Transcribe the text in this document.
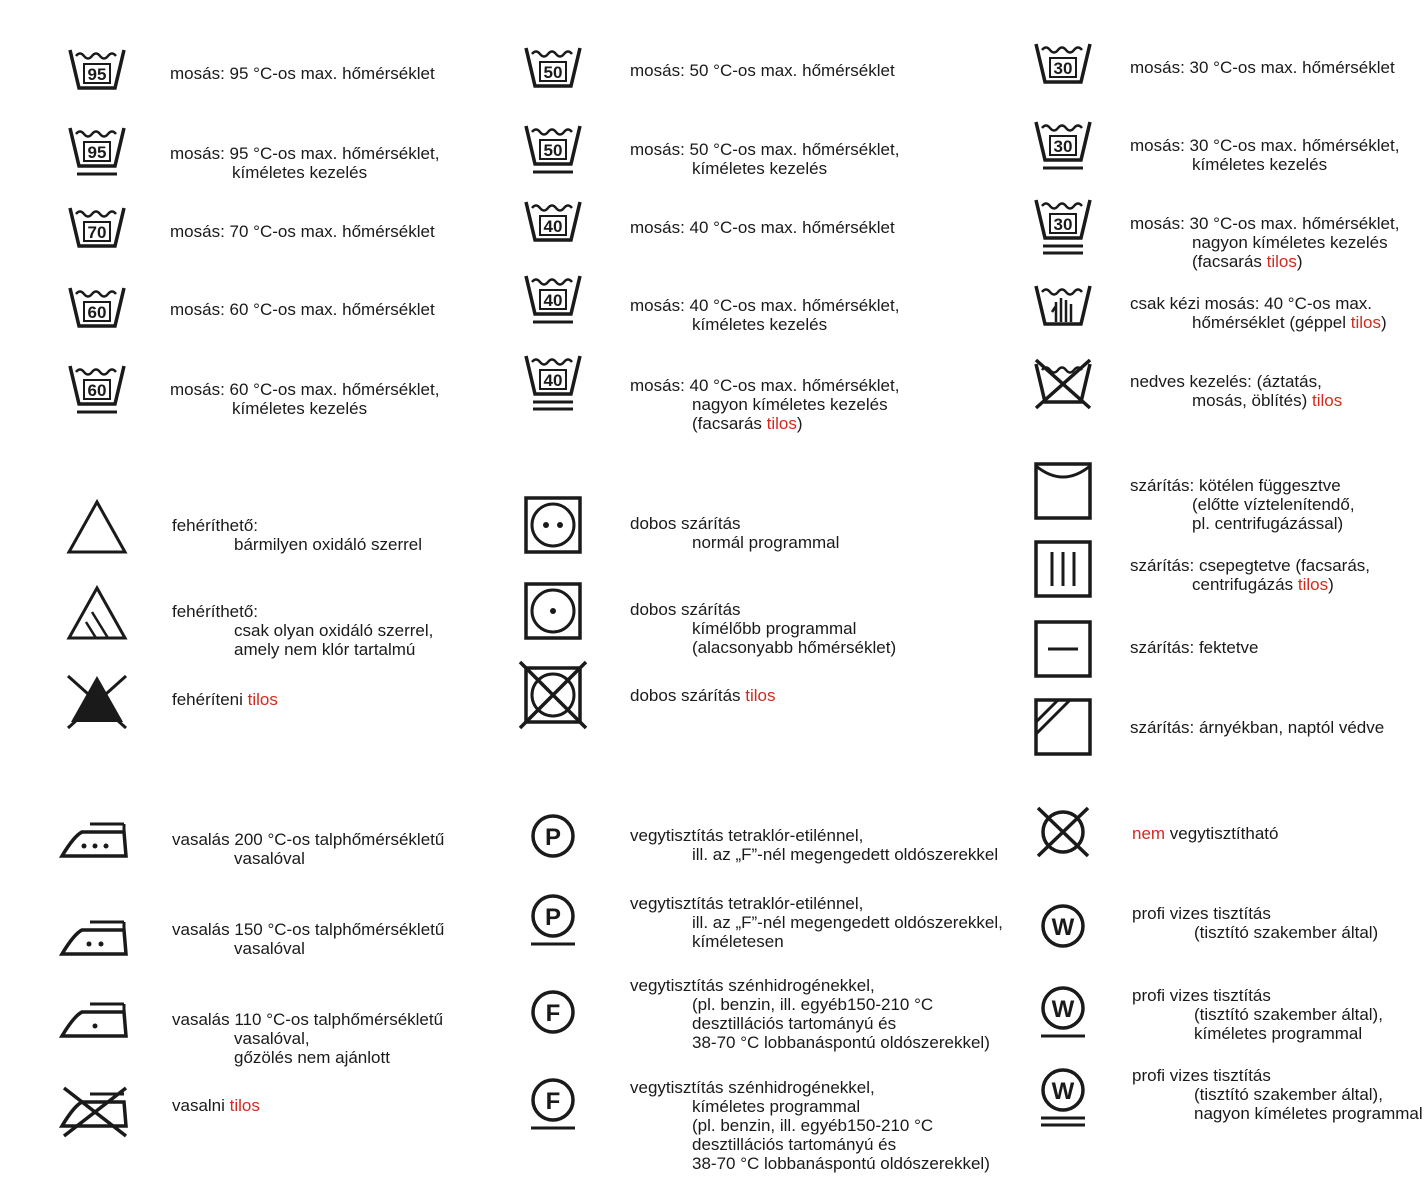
95	mosás: 95 °C-os max. hőmérséklet
95	mosás: 95 °C-os max. hőmérséklet,
kíméletes kezelés
70	mosás: 70 °C-os max. hőmérséklet
60	mosás: 60 °C-os max. hőmérséklet
60	mosás: 60 °C-os max. hőmérséklet,
kíméletes kezelés
50	mosás: 50 °C-os max. hőmérséklet
50	mosás: 50 °C-os max. hőmérséklet,
kíméletes kezelés
40	mosás: 40 °C-os max. hőmérséklet
40	mosás: 40 °C-os max. hőmérséklet,
kíméletes kezelés
40	mosás: 40 °C-os max. hőmérséklet,
nagyon kíméletes kezelés
(facsarás tilos)
30	mosás: 30 °C-os max. hőmérséklet
30	mosás: 30 °C-os max. hőmérséklet,
kíméletes kezelés
30	mosás: 30 °C-os max. hőmérséklet,
nagyon kíméletes kezelés
(facsarás tilos)
csak kézi mosás: 40 °C-os max.
hőmérséklet (géppel tilos)
nedves kezelés: (áztatás,
mosás, öblítés) tilos
fehéríthető:
bármilyen oxidáló szerrel
fehéríthető:
csak olyan oxidáló szerrel,
amely nem klór tartalmú
fehéríteni tilos
dobos szárítás
normál programmal
dobos szárítás
kímélőbb programmal
(alacsonyabb hőmérséklet)
dobos szárítás tilos
szárítás: kötélen függesztve
(előtte víztelenítendő,
pl. centrifugázással)
szárítás: csepegtetve (facsarás,
centrifugázás tilos)
szárítás: fektetve
szárítás: árnyékban, naptól védve
vasalás 200 °C-os talphőmérsékletű
vasalóval
vasalás 150 °C-os talphőmérsékletű
vasalóval
vasalás 110 °C-os talphőmérsékletű
vasalóval,
gőzölés nem ajánlott
vasalni tilos
P	vegytisztítás tetraklór-etilénnel,
ill. az „F”-nél megengedett oldószerekkel
P
vegytisztítás tetraklór-etilénnel,
ill. az „F”-nél megengedett oldószerekkel,
kíméletesen
F
vegytisztítás szénhidrogénekkel,
(pl. benzin, ill. egyéb150-210 °C
desztillációs tartományú és
38-70 °C lobbanáspontú oldószerekkel)
F
vegytisztítás szénhidrogénekkel,
kíméletes programmal
(pl. benzin, ill. egyéb150-210 °C
desztillációs tartományú és
38-70 °C lobbanáspontú oldószerekkel)
nem vegytisztítható
W
profi vizes tisztítás
(tisztító szakember által)
W
profi vizes tisztítás
(tisztító szakember által),
kíméletes programmal
W
profi vizes tisztítás
(tisztító szakember által),
nagyon kíméletes programmal
